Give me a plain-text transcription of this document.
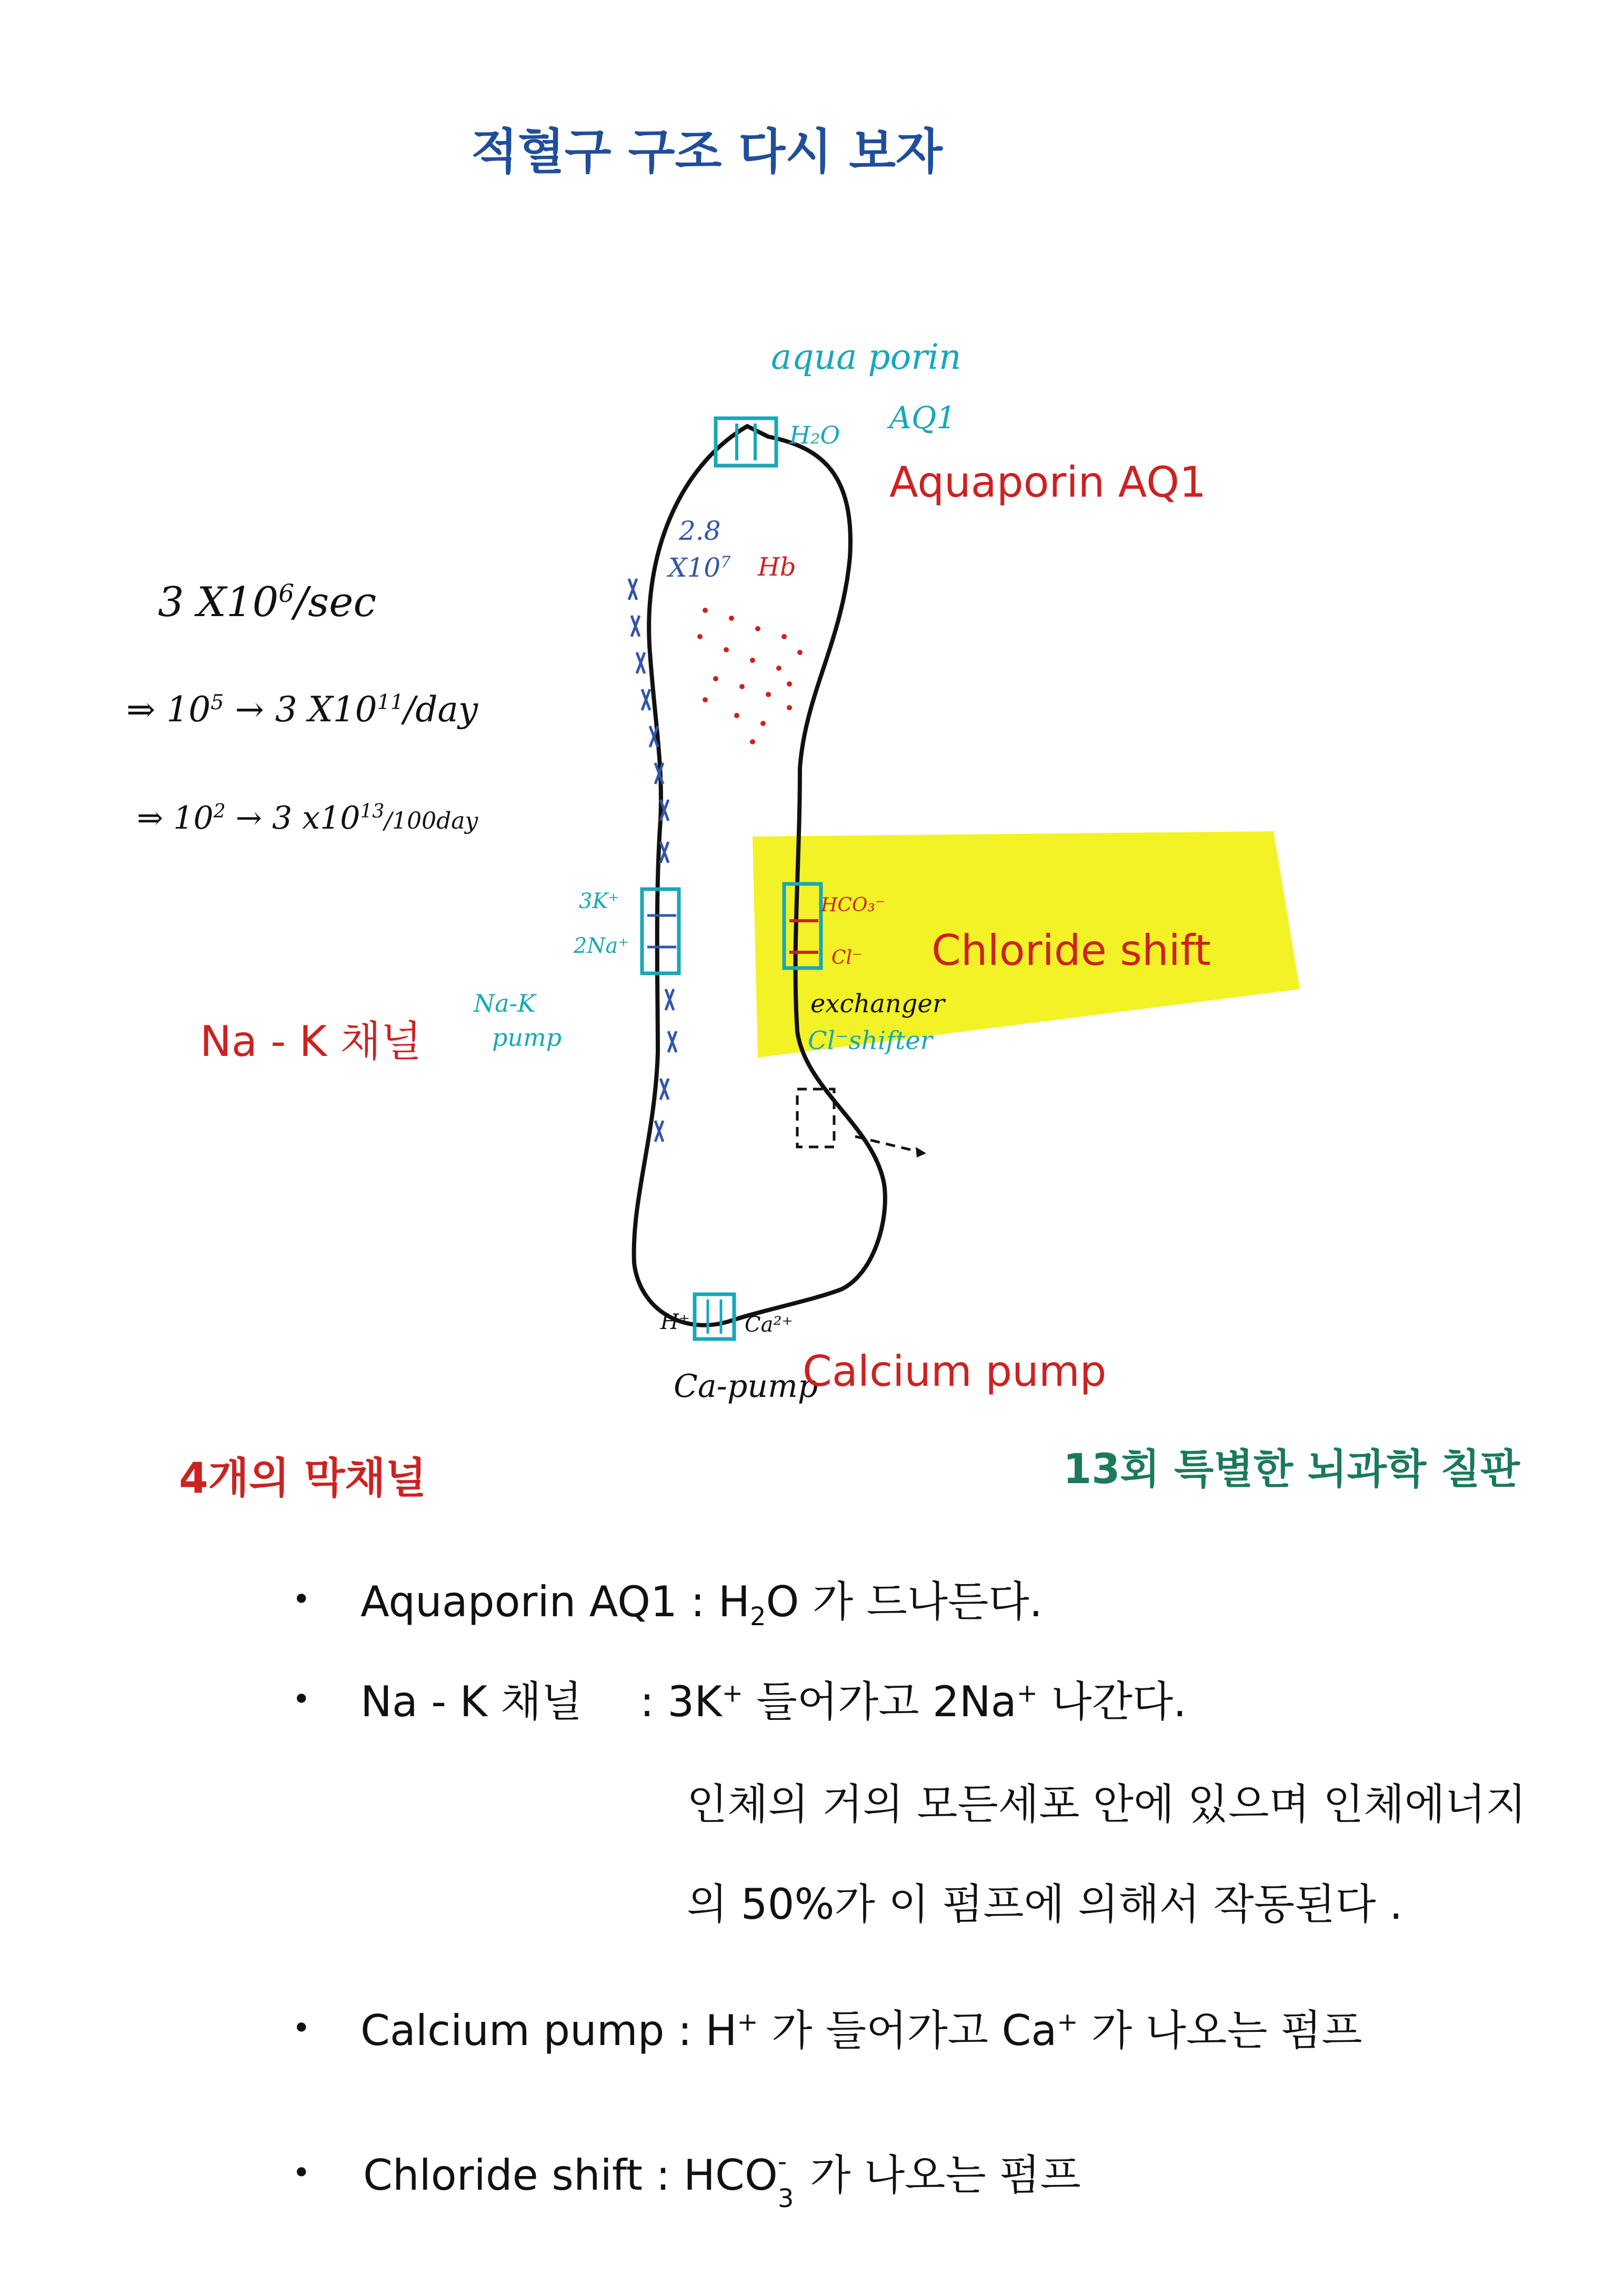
적혈구 구조 다시 보자
aqua porin
AQ1
H₂O
Aquaporin AQ1
2.8
$X10^7$ Hb
3 $X10^6/\sec$
⇒ $10^5 \to 3$ $X10^{11}$/day
⇒ $10^2 \to 3$ $x10^{13}/100day$
3K⁺
2Na⁺
Na-K
pump
Na - K 채널
HCO₃⁻
Cl⁻
exchanger
Cl⁻shifter
Chloride shift
H⁺	Ca²⁺
Ca-pump
Calcium pump
4개의 막채널	13회 특별한 뇌과학 칠판
• Aquaporin AQ1 : $H_2O$ 가 드나든다.
• Na - K 채널 : 3K+ 들어가고 2Na+ 나간다.
인체의 거의 모든세포 안에 있으며 인체에너지
의 50%가 이 펌프에 의해서 작동된다 .
• Calcium pump : H+ 가 들어가고 Ca+ 가 나오는 펌프
• Chloride shift : HCO -
3 가 나오는 펌프
